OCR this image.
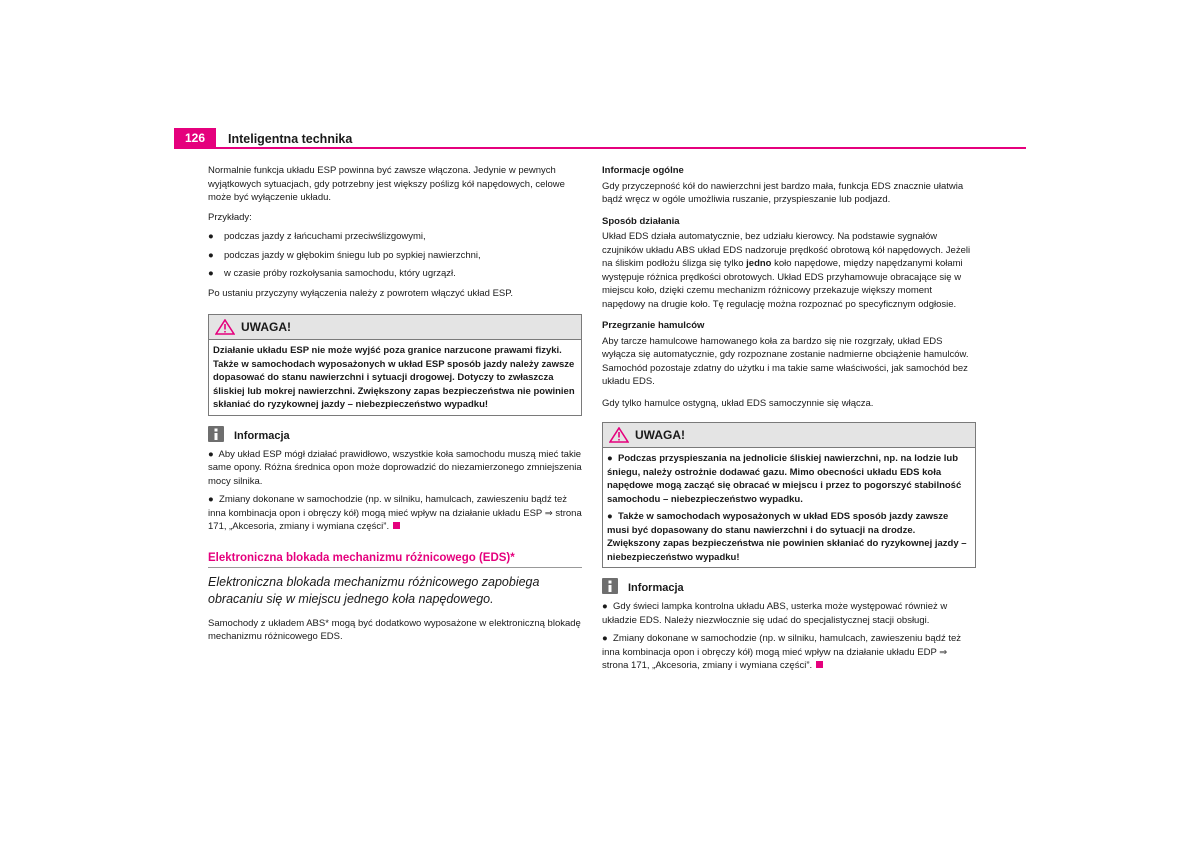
126	Inteligentna technika

Normalnie funkcja układu ESP powinna być zawsze włączona. Jedynie w pewnych wyjątkowych sytuacjach, gdy potrzebny jest większy poślizg kół napędowych, celowe może być wyłączenie układu.

Przykłady:

● podczas jazdy z łańcuchami przeciwślizgowymi,
● podczas jazdy w głębokim śniegu lub po sypkiej nawierzchni,
● w czasie próby rozkołysania samochodu, który ugrzązł.

Po ustaniu przyczyny wyłączenia należy z powrotem włączyć układ ESP.

UWAGA!
Działanie układu ESP nie może wyjść poza granice narzucone prawami fizyki. Także w samochodach wyposażonych w układ ESP sposób jazdy należy zawsze dopasować do stanu nawierzchni i sytuacji drogowej. Dotyczy to zwłaszcza śliskiej lub mokrej nawierzchni. Zwiększony zapas bezpieczeństwa nie powinien skłaniać do ryzykownej jazdy – niebezpieczeństwo wypadku!
Informacja
● Aby układ ESP mógł działać prawidłowo, wszystkie koła samochodu muszą mieć takie same opony. Różna średnica opon może doprowadzić do niezamierzonego zmniejszenia mocy silnika.
● Zmiany dokonane w samochodzie (np. w silniku, hamulcach, zawieszeniu bądź też inna kombinacja opon i obręczy kół) mogą mieć wpływ na działanie układu ESP ⇒ strona 171, „Akcesoria, zmiany i wymiana części”.
Elektroniczna blokada mechanizmu różnicowego (EDS)*
Elektroniczna blokada mechanizmu różnicowego zapobiega obracaniu się w miejscu jednego koła napędowego.

Samochody z układem ABS* mogą być dodatkowo wyposażone w elektroniczną blokadę mechanizmu różnicowego EDS.

Informacje ogólne

Gdy przyczepność kół do nawierzchni jest bardzo mała, funkcja EDS znacznie ułatwia bądź wręcz w ogóle umożliwia ruszanie, przyspieszanie lub podjazd.

Sposób działania

Układ EDS działa automatycznie, bez udziału kierowcy. Na podstawie sygnałów czujników układu ABS układ EDS nadzoruje prędkość obrotową kół napędowych. Jeżeli na śliskim podłożu ślizga się tylko jedno koło napędowe, między napędzanymi kołami występuje różnica prędkości obrotowych. Układ EDS przyhamowuje obracające się w miejscu koło, dzięki czemu mechanizm różnicowy przekazuje większy moment napędowy na drugie koło. Tę regulację można rozpoznać po specyficznym odgłosie.

Przegrzanie hamulców

Aby tarcze hamulcowe hamowanego koła za bardzo się nie rozgrzały, układ EDS wyłącza się automatycznie, gdy rozpoznane zostanie nadmierne obciążenie hamulców. Samochód pozostaje zdatny do użytku i ma takie same właściwości, jak samochód bez układu EDS.

Gdy tylko hamulce ostygną, układ EDS samoczynnie się włącza.

UWAGA!
● Podczas przyspieszania na jednolicie śliskiej nawierzchni, np. na lodzie lub śniegu, należy ostrożnie dodawać gazu. Mimo obecności układu EDS koła napędowe mogą zacząć się obracać w miejscu i przez to pogorszyć stabilność samochodu – niebezpieczeństwo wypadku.
● Także w samochodach wyposażonych w układ EDS sposób jazdy zawsze musi być dopasowany do stanu nawierzchni i do sytuacji na drodze. Zwiększony zapas bezpieczeństwa nie powinien skłaniać do ryzykownej jazdy – niebezpieczeństwo wypadku!
Informacja
● Gdy świeci lampka kontrolna układu ABS, usterka może występować również w układzie EDS. Należy niezwłocznie się udać do specjalistycznej stacji obsługi.
● Zmiany dokonane w samochodzie (np. w silniku, hamulcach, zawieszeniu bądź też inna kombinacja opon i obręczy kół) mogą mieć wpływ na działanie układu EDP ⇒ strona 171, „Akcesoria, zmiany i wymiana części”.
